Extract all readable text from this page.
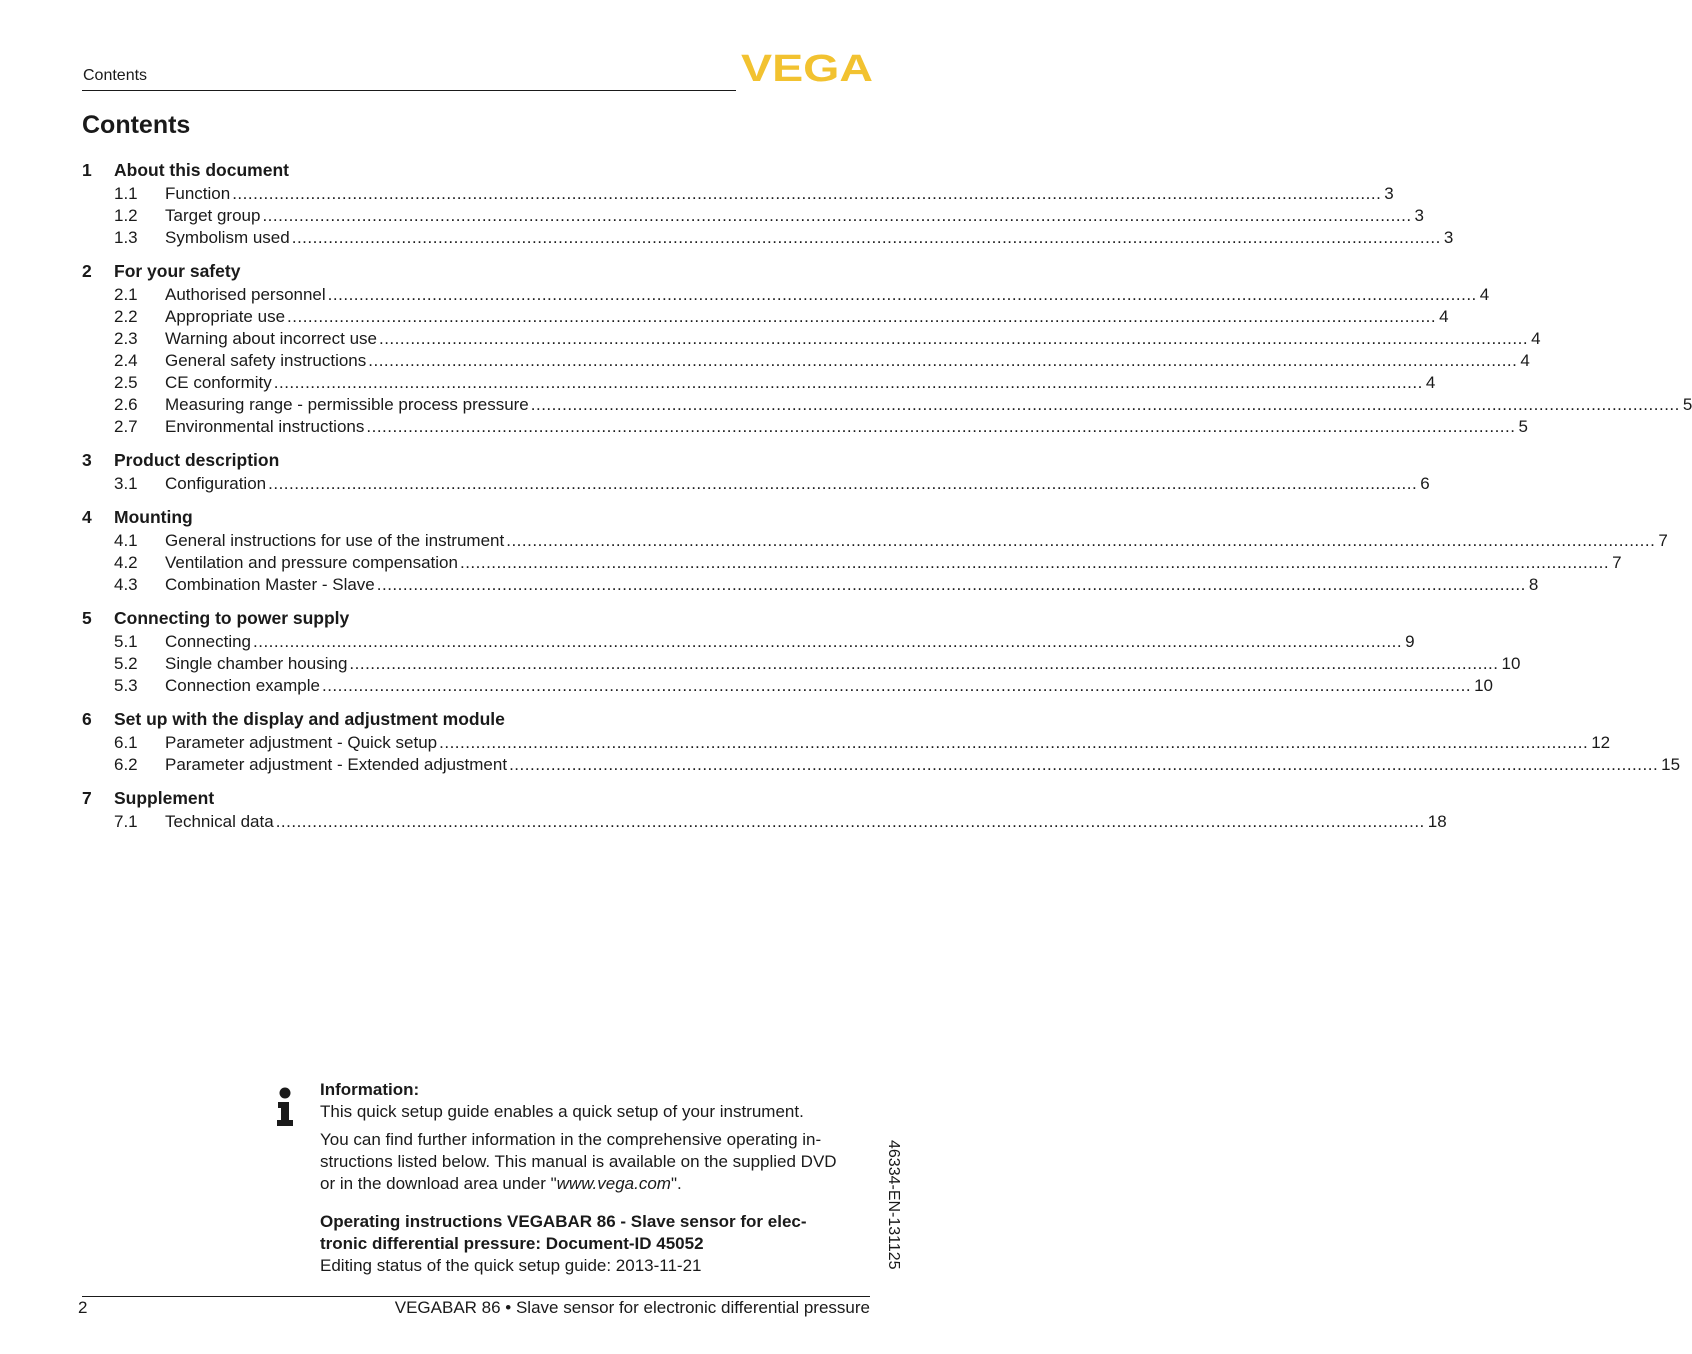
Contents	VEGA
Contents
1	About this document
1.1	Function ............................................................................................................................................................................................................................ 3
1.2	Target group ............................................................................................................................................................................................................................ 3
1.3	Symbolism used ............................................................................................................................................................................................................................ 3
2	For your safety
2.1	Authorised personnel ............................................................................................................................................................................................................................ 4
2.2	Appropriate use ............................................................................................................................................................................................................................ 4
2.3	Warning about incorrect use ............................................................................................................................................................................................................................ 4
2.4	General safety instructions ............................................................................................................................................................................................................................ 4
2.5	CE conformity ............................................................................................................................................................................................................................ 4
2.6	Measuring range - permissible process pressure ............................................................................................................................................................................................................................ 5
2.7	Environmental instructions ............................................................................................................................................................................................................................ 5
3	Product description
3.1	Configuration ............................................................................................................................................................................................................................ 6
4	Mounting
4.1	General instructions for use of the instrument ............................................................................................................................................................................................................................ 7
4.2	Ventilation and pressure compensation ............................................................................................................................................................................................................................ 7
4.3	Combination Master - Slave ............................................................................................................................................................................................................................ 8
5	Connecting to power supply
5.1	Connecting ............................................................................................................................................................................................................................ 9
5.2	Single chamber housing ............................................................................................................................................................................................................................ 10
5.3	Connection example ............................................................................................................................................................................................................................ 10
6	Set up with the display and adjustment module
6.1	Parameter adjustment - Quick setup ............................................................................................................................................................................................................................ 12
6.2	Parameter adjustment - Extended adjustment ............................................................................................................................................................................................................................ 15
7	Supplement
7.1	Technical data ............................................................................................................................................................................................................................ 18

Information:

This quick setup guide enables a quick setup of your instrument.

You can find further information in the comprehensive operating in-
structions listed below. This manual is available on the supplied DVD
or in the download area under "www.vega.com".

Operating instructions VEGABAR 86 - Slave sensor for elec-
tronic differential pressure: Document-ID 45052

Editing status of the quick setup guide: 2013-11-21	46334-EN-131125
2	VEGABAR 86 • Slave sensor for electronic differential pressure
